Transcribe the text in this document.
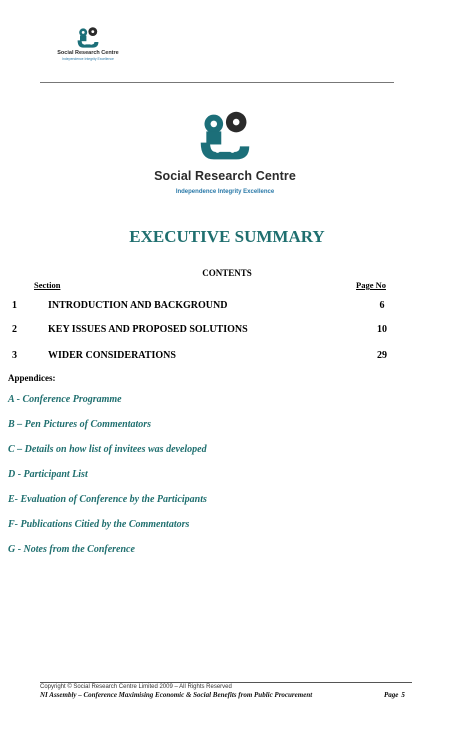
Social Research Centre
Independence Integrity Excellence
Social Research Centre
Independence Integrity Excellence
EXECUTIVE SUMMARY
CONTENTS
Section	Page No
1	INTRODUCTION AND BACKGROUND	6
2	KEY ISSUES AND PROPOSED SOLUTIONS	10
3	WIDER CONSIDERATIONS	29
Appendices:
A - Conference Programme
B – Pen Pictures of Commentators
C – Details on how list of invitees was developed
D - Participant List
E- Evaluation of Conference by the Participants
F- Publications Citied by the Commentators
G - Notes from the Conference
Copyright © Social Research Centre Limited 2009 – All Rights Reserved
NI Assembly – Conference Maximising Economic & Social Benefits from Public Procurement	Page 5
